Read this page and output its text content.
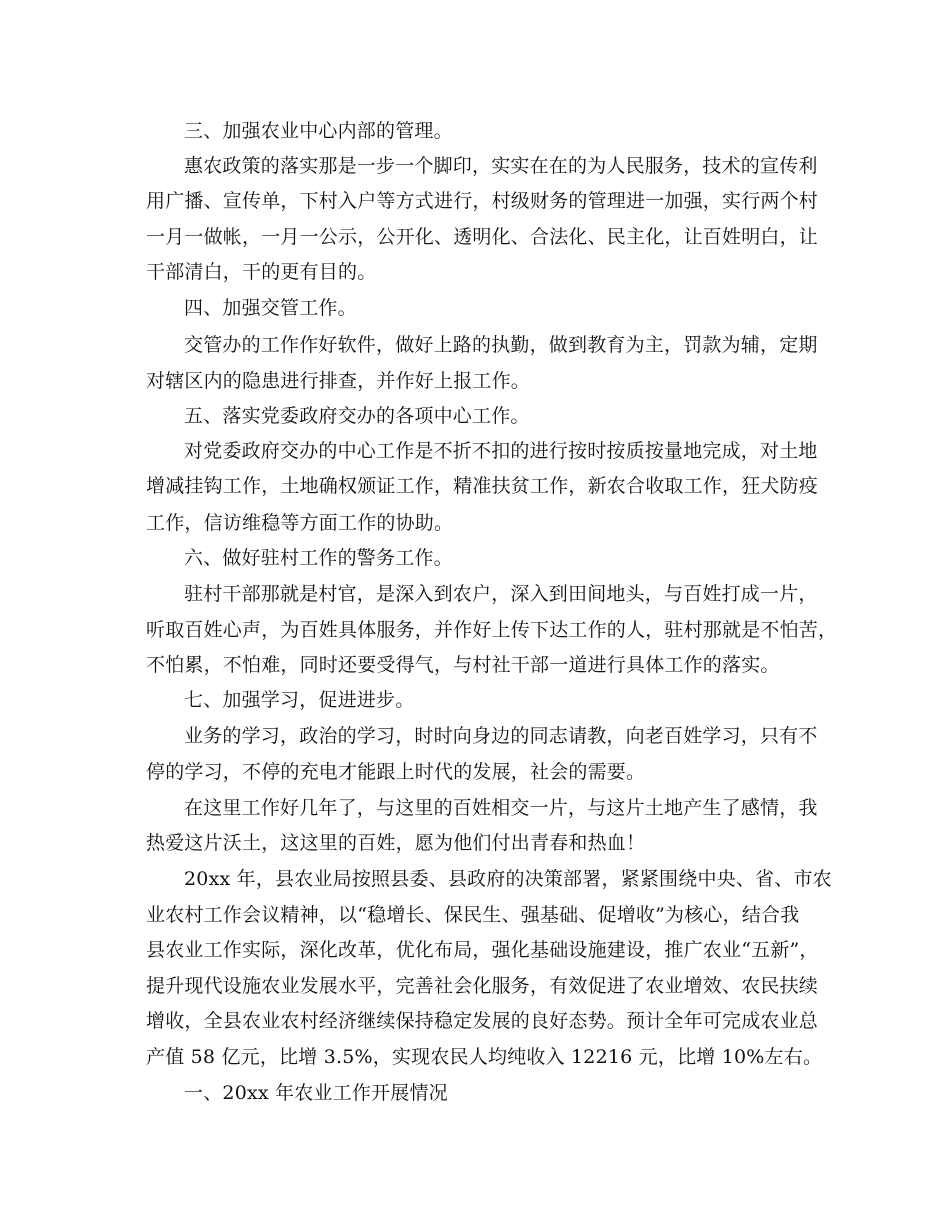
三、加强农业中心内部的管理。
惠农政策的落实那是一步一个脚印，实实在在的为人民服务，技术的宣传利
用广播、宣传单，下村入户等方式进行，村级财务的管理进一加强，实行两个村
一月一做帐，一月一公示，公开化、透明化、合法化、民主化，让百姓明白，让
干部清白，干的更有目的。
四、加强交管工作。
交管办的工作作好软件，做好上路的执勤，做到教育为主，罚款为辅，定期
对辖区内的隐患进行排查，并作好上报工作。
五、落实党委政府交办的各项中心工作。
对党委政府交办的中心工作是不折不扣的进行按时按质按量地完成，对土地
增减挂钩工作，土地确权颁证工作，精准扶贫工作，新农合收取工作，狂犬防疫
工作，信访维稳等方面工作的协助。
六、做好驻村工作的警务工作。
驻村干部那就是村官，是深入到农户，深入到田间地头，与百姓打成一片，
听取百姓心声，为百姓具体服务，并作好上传下达工作的人，驻村那就是不怕苦，
不怕累，不怕难，同时还要受得气，与村社干部一道进行具体工作的落实。
七、加强学习，促进进步。
业务的学习，政治的学习，时时向身边的同志请教，向老百姓学习，只有不
停的学习，不停的充电才能跟上时代的发展，社会的需要。
在这里工作好几年了，与这里的百姓相交一片，与这片土地产生了感情，我
热爱这片沃土，这这里的百姓，愿为他们付出青春和热血！
20xx 年，县农业局按照县委、县政府的决策部署，紧紧围绕中央、省、市农
业农村工作会议精神，以“稳增长、保民生、强基础、促增收”为核心，结合我
县农业工作实际，深化改革，优化布局，强化基础设施建设，推广农业“五新”，
提升现代设施农业发展水平，完善社会化服务，有效促进了农业增效、农民扶续
增收，全县农业农村经济继续保持稳定发展的良好态势。预计全年可完成农业总
产值 58 亿元，比增 3.5%，实现农民人均纯收入 12216 元，比增 10%左右。
一、20xx 年农业工作开展情况
